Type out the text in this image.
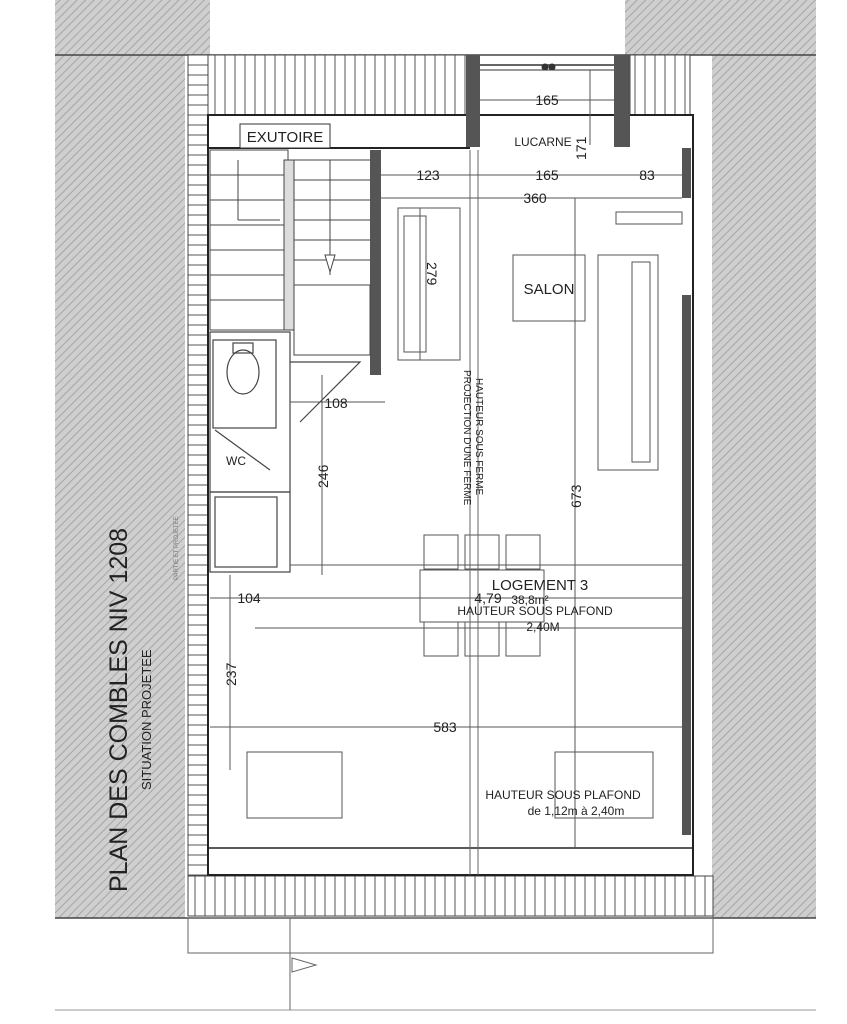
EXUTOIRE	LUCARNE
SALON
WC
LOGEMENT 3
38,8m²
HAUTEUR SOUS PLAFOND
2,40M
HAUTEUR SOUS FERME
PROJECTION D'UNE FERME
HAUTEUR SOUS PLAFOND
de 1,12m à 2,40m
165
171
123	165	83
360
279
108
246
673
104	4,79
237
583
PLAN DES COMBLES NIV 1208 SITUATION PROJETEE
PARTIE ET PROJETEE
